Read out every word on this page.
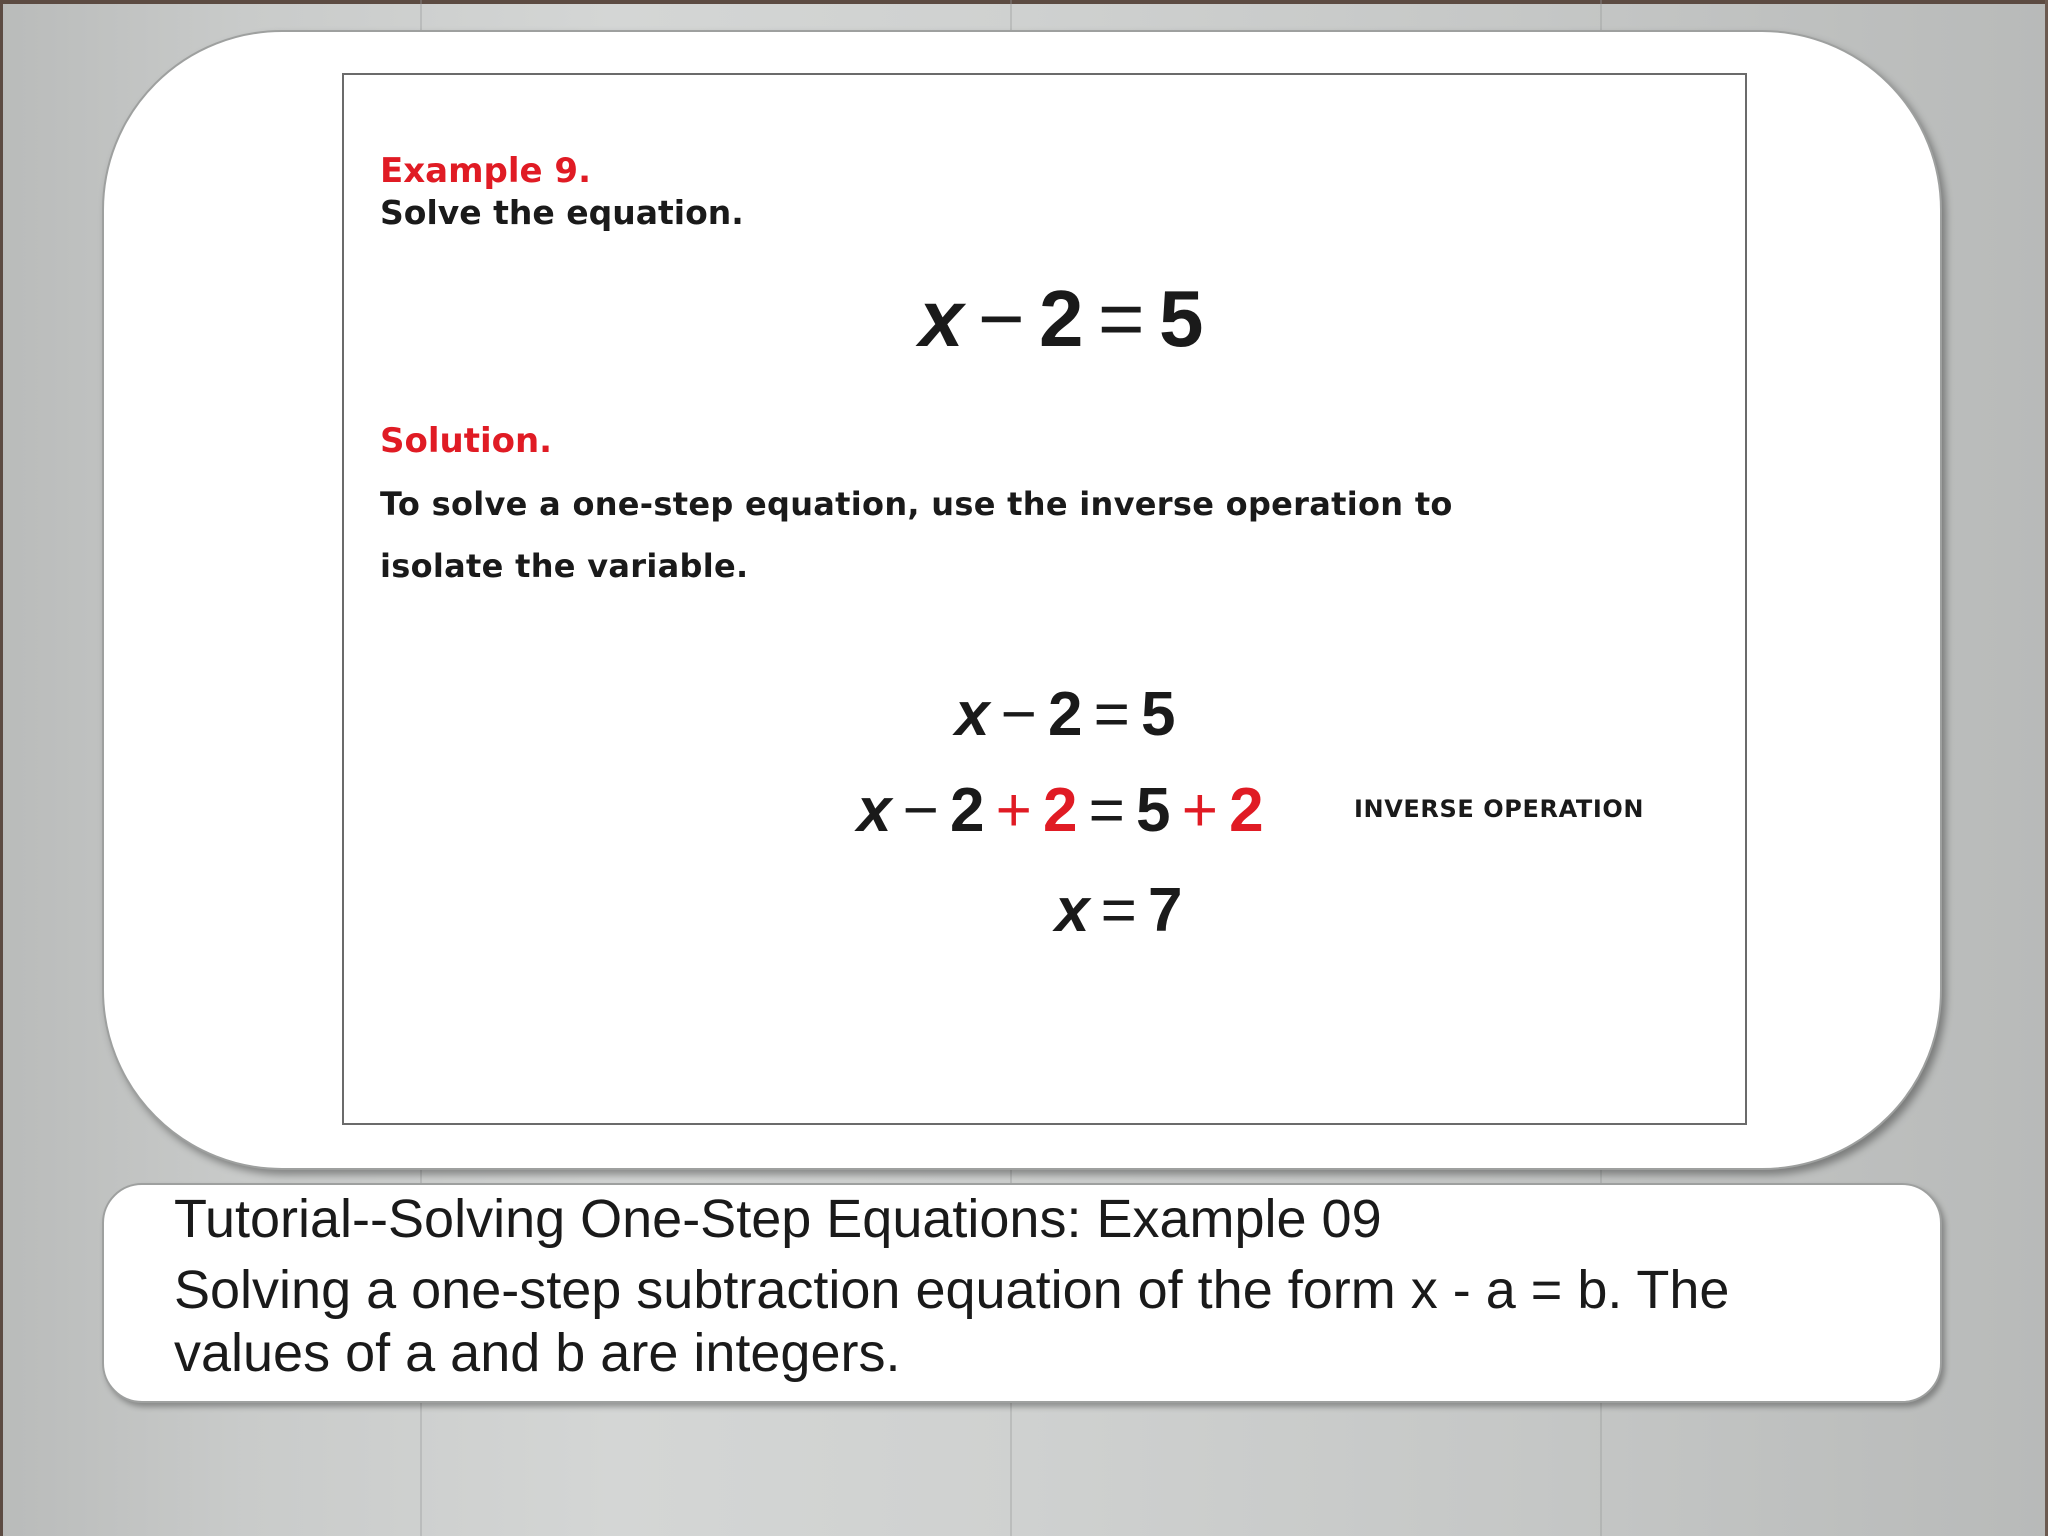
Example 9.
Solve the equation.
x − 2 = 5
Solution.
To solve a one-step equation, use the inverse operation to
isolate the variable.
x − 2 = 5
x − 2 + 2 = 5 + 2	INVERSE OPERATION
x = 7
Tutorial--Solving One-Step Equations: Example 09
Solving a one-step subtraction equation of the form x - a = b. The values of a and b are integers.
